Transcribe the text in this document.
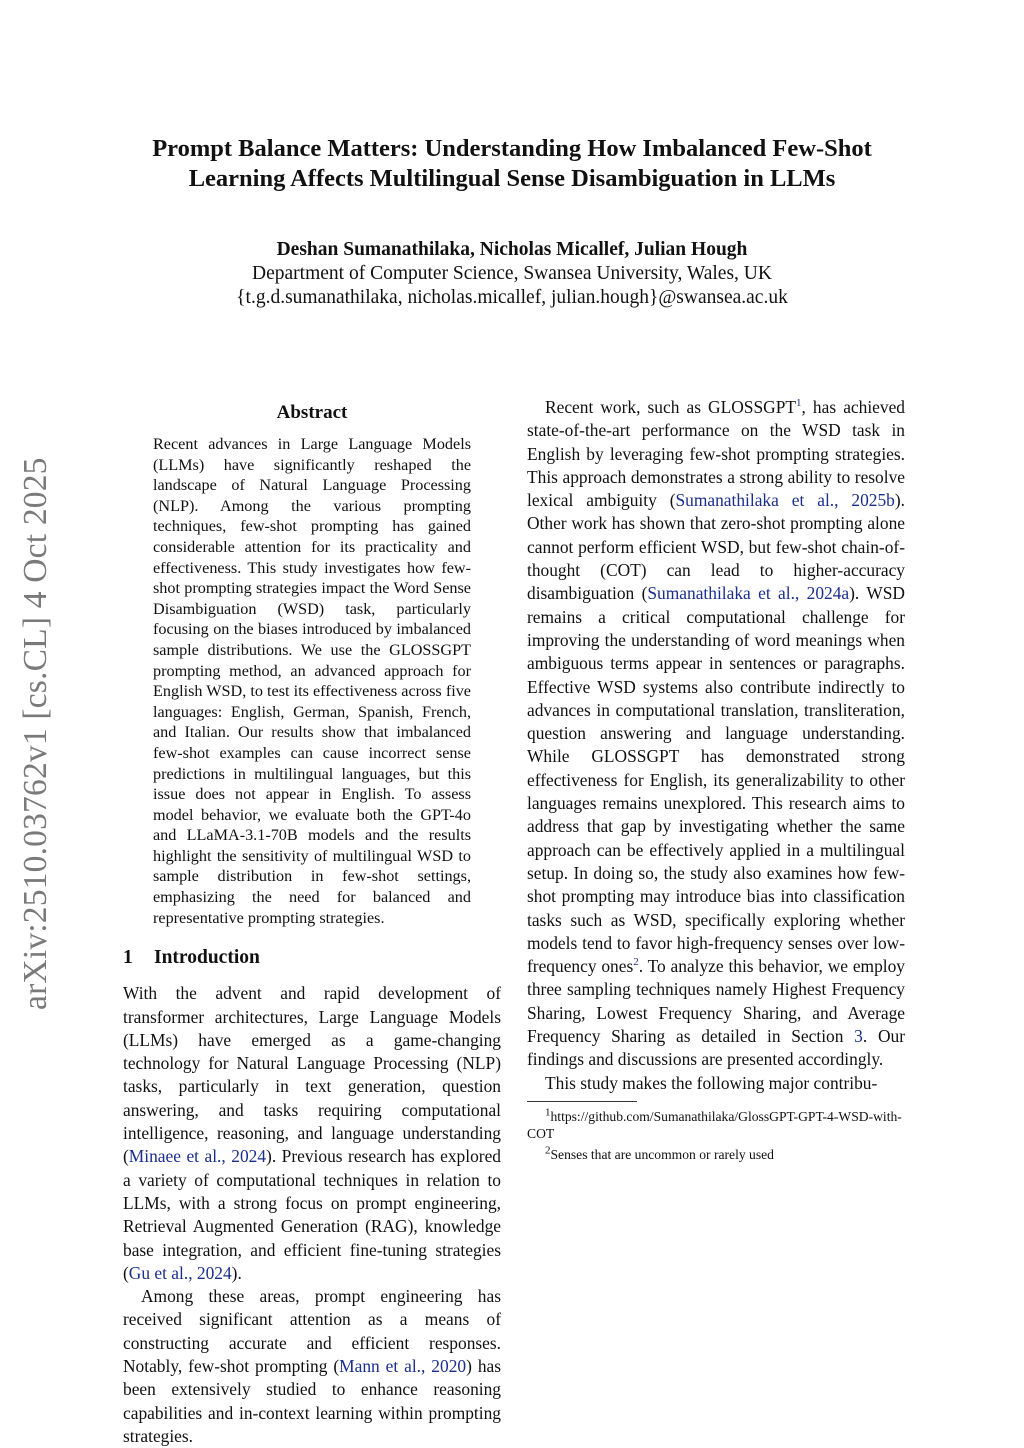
arXiv:2510.03762v1 [cs.CL] 4 Oct 2025
Prompt Balance Matters: Understanding How Imbalanced Few-Shot
Learning Affects Multilingual Sense Disambiguation in LLMs
Deshan Sumanathilaka, Nicholas Micallef, Julian Hough
Department of Computer Science, Swansea University, Wales, UK
{t.g.d.sumanathilaka, nicholas.micallef, julian.hough}@swansea.ac.uk
Abstract
Recent advances in Large Language Models (LLMs) have significantly reshaped the landscape of Natural Language Processing (NLP). Among the various prompting techniques, few-shot prompting has gained considerable attention for its practicality and effectiveness. This study investigates how few-shot prompting strategies impact the Word Sense Disambiguation (WSD) task, particularly focusing on the biases introduced by imbalanced sample distributions. We use the GLOSSGPT prompting method, an advanced approach for English WSD, to test its effectiveness across five languages: English, German, Spanish, French, and Italian. Our results show that imbalanced few-shot examples can cause incorrect sense predictions in multilingual languages, but this issue does not appear in English. To assess model behavior, we evaluate both the GPT-4o and LLaMA-3.1-70B models and the results highlight the sensitivity of multilingual WSD to sample distribution in few-shot settings, emphasizing the need for balanced and representative prompting strategies.
1 Introduction

With the advent and rapid development of transformer architectures, Large Language Models (LLMs) have emerged as a game-changing technology for Natural Language Processing (NLP) tasks, particularly in text generation, question answering, and tasks requiring computational intelligence, reasoning, and language understanding (Minaee et al., 2024). Previous research has explored a variety of computational techniques in relation to LLMs, with a strong focus on prompt engineering, Retrieval Augmented Generation (RAG), knowledge base integration, and efficient fine-tuning strategies (Gu et al., 2024).

Among these areas, prompt engineering has received significant attention as a means of constructing accurate and efficient responses. Notably, few-shot prompting (Mann et al., 2020) has been extensively studied to enhance reasoning capabilities and in-context learning within prompting strategies.

Recent work, such as GLOSSGPT$^1$, has achieved state-of-the-art performance on the WSD task in English by leveraging few-shot prompting strategies. This approach demonstrates a strong ability to resolve lexical ambiguity (Sumanathilaka et al., 2025b). Other work has shown that zero-shot prompting alone cannot perform efficient WSD, but few-shot chain-of-thought (COT) can lead to higher-accuracy disambiguation (Sumanathilaka et al., 2024a). WSD remains a critical computational challenge for improving the understanding of word meanings when ambiguous terms appear in sentences or paragraphs. Effective WSD systems also contribute indirectly to advances in computational translation, transliteration, question answering and language understanding. While GLOSSGPT has demonstrated strong effectiveness for English, its generalizability to other languages remains unexplored. This research aims to address that gap by investigating whether the same approach can be effectively applied in a multilingual setup. In doing so, the study also examines how few-shot prompting may introduce bias into classification tasks such as WSD, specifically exploring whether models tend to favor high-frequency senses over low-frequency ones$^2$. To analyze this behavior, we employ three sampling techniques namely Highest Frequency Sharing, Lowest Frequency Sharing, and Average Frequency Sharing as detailed in Section 3. Our findings and discussions are presented accordingly.

This study makes the following major contribu-

$^1$https://github.com/Sumanathilaka/GlossGPT-GPT-4-WSD-with-COT

$^2$Senses that are uncommon or rarely used
